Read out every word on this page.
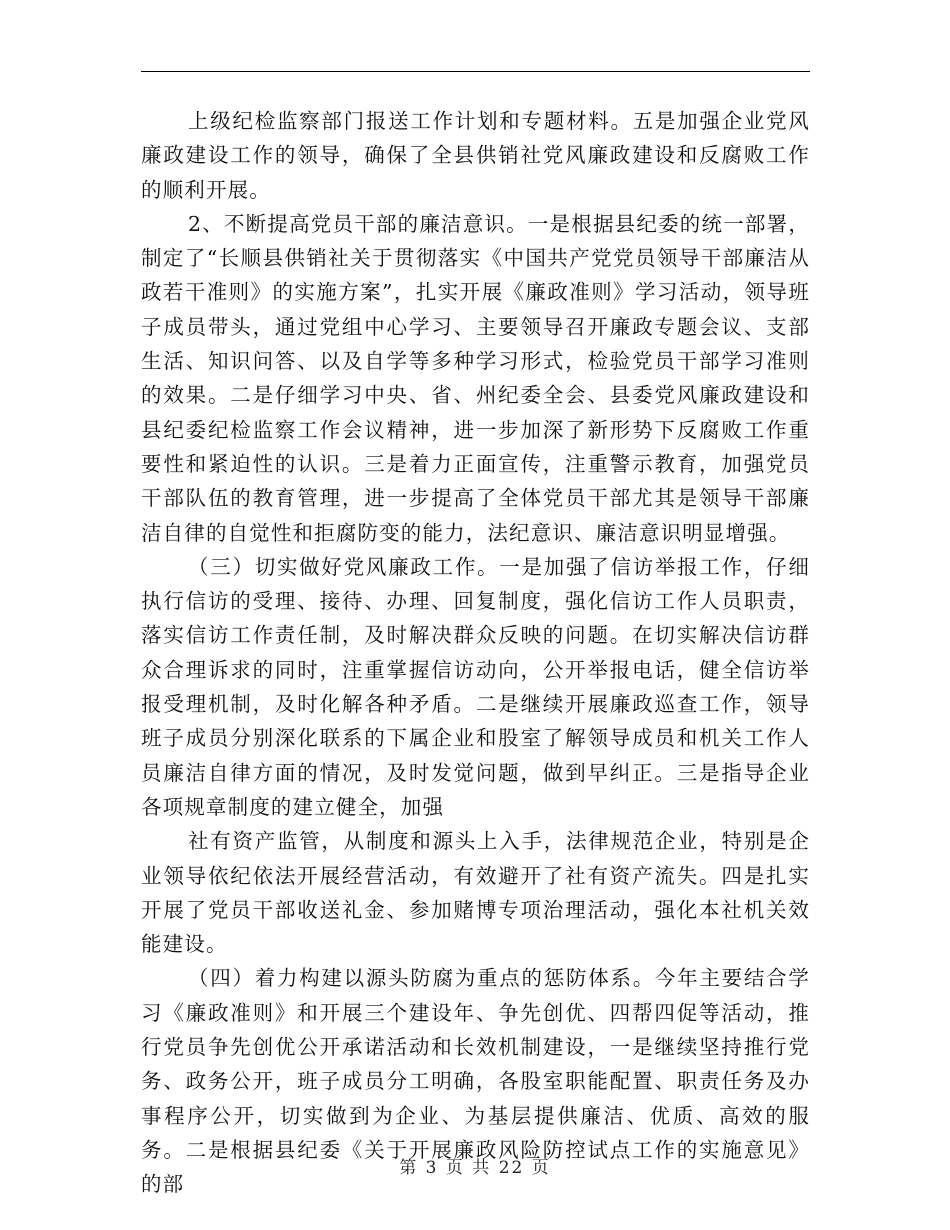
上级纪检监察部门报送工作计划和专题材料。五是加强企业党风廉政建设工作的领导，确保了全县供销社党风廉政建设和反腐败工作的顺利开展。

2、不断提高党员干部的廉洁意识。一是根据县纪委的统一部署，制定了“长顺县供销社关于贯彻落实《中国共产党党员领导干部廉洁从政若干准则》的实施方案”，扎实开展《廉政准则》学习活动，领导班子成员带头，通过党组中心学习、主要领导召开廉政专题会议、支部生活、知识问答、以及自学等多种学习形式，检验党员干部学习准则的效果。二是仔细学习中央、省、州纪委全会、县委党风廉政建设和县纪委纪检监察工作会议精神，进一步加深了新形势下反腐败工作重要性和紧迫性的认识。三是着力正面宣传，注重警示教育，加强党员干部队伍的教育管理，进一步提高了全体党员干部尤其是领导干部廉洁自律的自觉性和拒腐防变的能力，法纪意识、廉洁意识明显增强。

（三）切实做好党风廉政工作。一是加强了信访举报工作，仔细执行信访的受理、接待、办理、回复制度，强化信访工作人员职责，落实信访工作责任制，及时解决群众反映的问题。在切实解决信访群众合理诉求的同时，注重掌握信访动向，公开举报电话，健全信访举报受理机制，及时化解各种矛盾。二是继续开展廉政巡查工作，领导班子成员分别深化联系的下属企业和股室了解领导成员和机关工作人员廉洁自律方面的情况，及时发觉问题，做到早纠正。三是指导企业各项规章制度的建立健全，加强

社有资产监管，从制度和源头上入手，法律规范企业，特别是企业领导依纪依法开展经营活动，有效避开了社有资产流失。四是扎实开展了党员干部收送礼金、参加赌博专项治理活动，强化本社机关效能建设。

（四）着力构建以源头防腐为重点的惩防体系。今年主要结合学习《廉政准则》和开展三个建设年、争先创优、四帮四促等活动，推行党员争先创优公开承诺活动和长效机制建设，一是继续坚持推行党务、政务公开，班子成员分工明确，各股室职能配置、职责任务及办事程序公开，切实做到为企业、为基层提供廉洁、优质、高效的服务。二是根据县纪委《关于开展廉政风险防控试点工作的实施意见》的部

第 3 页 共 22 页
